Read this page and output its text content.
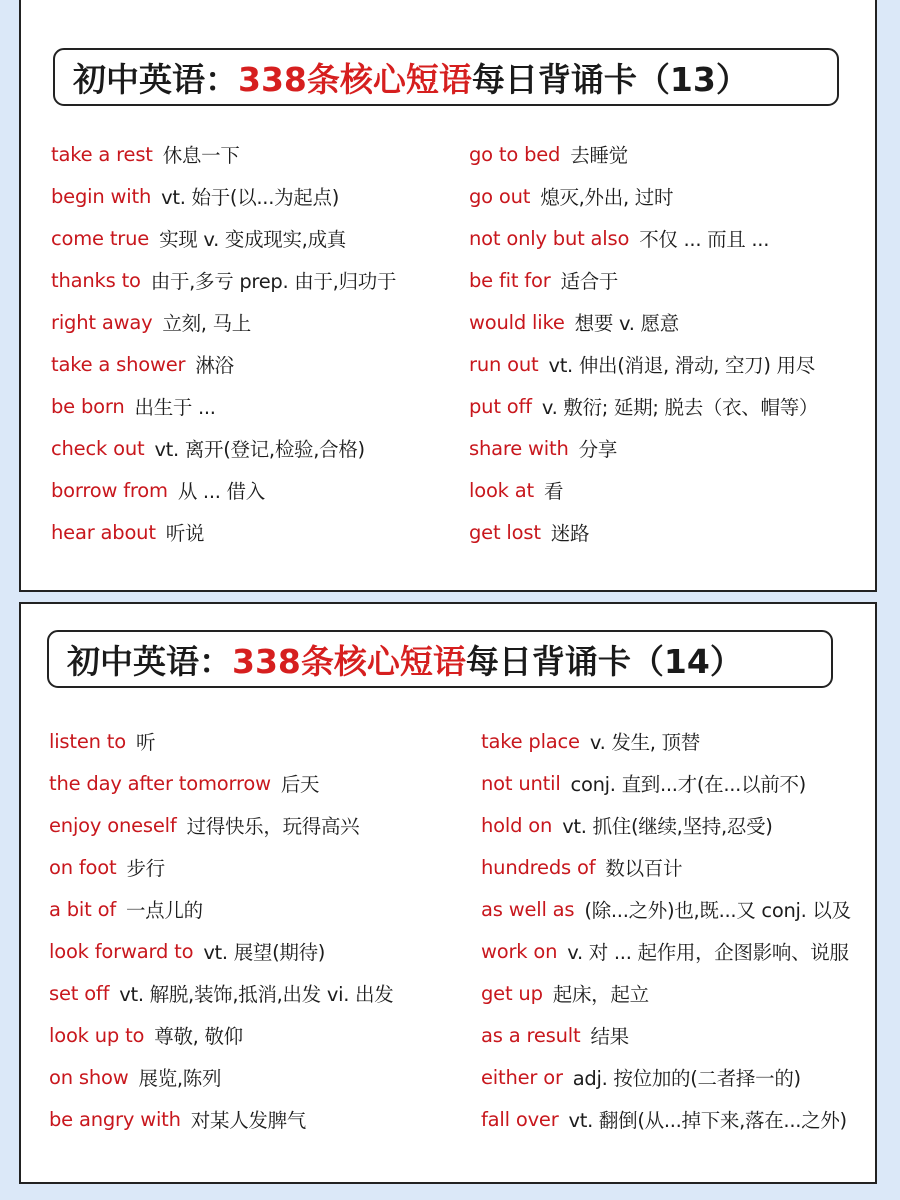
初中英语： 338条核心短语 每日背诵卡（13）
take a rest 休息一下
begin with vt. 始于(以...为起点)
come true 实现 v. 变成现实,成真
thanks to 由于,多亏 prep. 由于,归功于
right away 立刻, 马上
take a shower 淋浴
be born 出生于 ...
check out vt. 离开(登记,检验,合格)
borrow from 从 ... 借入
hear about 听说
go to bed 去睡觉
go out 熄灭,外出, 过时
not only but also 不仅 ... 而且 ...
be fit for 适合于
would like 想要 v. 愿意
run out vt. 伸出(消退, 滑动, 空刀) 用尽
put off v. 敷衍; 延期; 脱去（衣、帽等）
share with 分享
look at 看
get lost 迷路
初中英语： 338条核心短语 每日背诵卡（14）
listen to 听
the day after tomorrow 后天
enjoy oneself 过得快乐，玩得高兴
on foot 步行
a bit of 一点儿的
look forward to vt. 展望(期待)
set off vt. 解脱,装饰,抵消,出发 vi. 出发
look up to 尊敬, 敬仰
on show 展览,陈列
be angry with 对某人发脾气
take place v. 发生, 顶替
not until conj. 直到...才(在...以前不)
hold on vt. 抓住(继续,坚持,忍受)
hundreds of 数以百计
as well as (除...之外)也,既...又 conj. 以及
work on v. 对 ... 起作用，企图影响、说服
get up 起床，起立
as a result 结果
either or adj. 按位加的(二者择一的)
fall over vt. 翻倒(从...掉下来,落在...之外)
